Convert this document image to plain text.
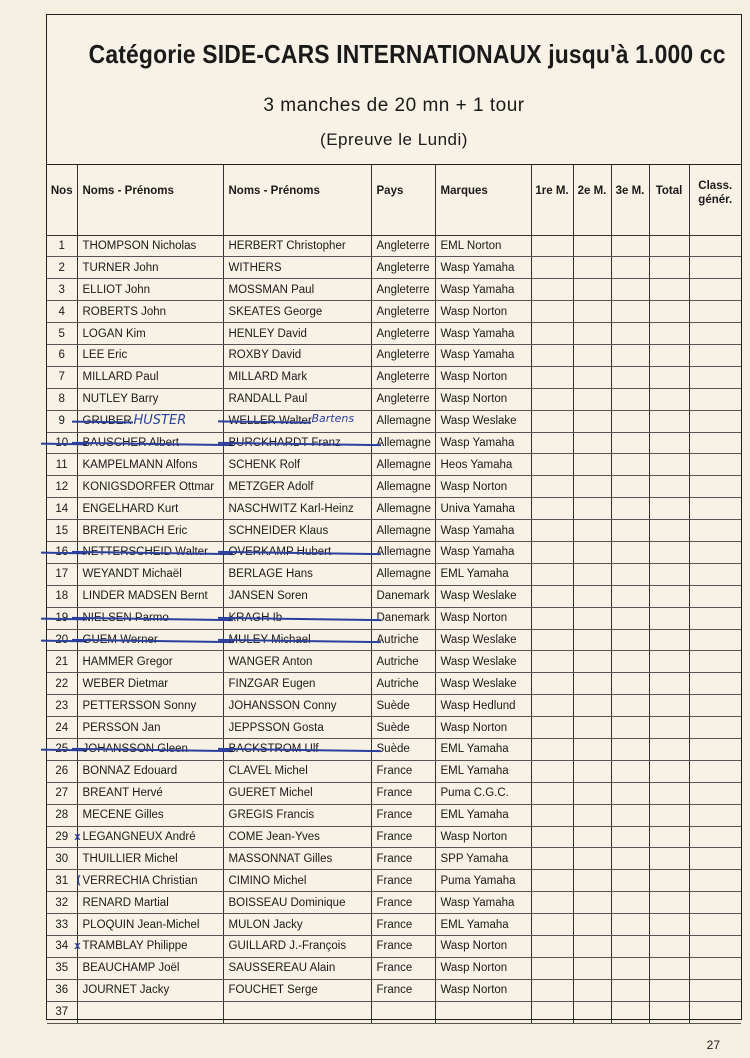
Catégorie SIDE-CARS INTERNATIONAUX jusqu'à 1.000 cc
3 manches de 20 mn + 1 tour
(Epreuve le Lundi)
Nos	Noms - Prénoms	Noms - Prénoms	Pays	Marques	1re M.	2e M.	3e M.	Total	Class. génér.
1	THOMPSON Nicholas	HERBERT Christopher	Angleterre	EML Norton					
2	TURNER John	WITHERS	Angleterre	Wasp Yamaha					
3	ELLIOT John	MOSSMAN Paul	Angleterre	Wasp Yamaha					
4	ROBERTS John	SKEATES George	Angleterre	Wasp Norton					
5	LOGAN Kim	HENLEY David	Angleterre	Wasp Yamaha					
6	LEE Eric	ROXBY David	Angleterre	Wasp Yamaha					
7	MILLARD Paul	MILLARD Mark	Angleterre	Wasp Norton					
8	NUTLEY Barry	RANDALL Paul	Angleterre	Wasp Norton					
9	GRUBER HUSTER	WELLER Walter Bartens	Allemagne	Wasp Weslake					
10	BAUSCHER Albert	BURCKHARDT Franz	Allemagne	Wasp Yamaha					
11	KAMPELMANN Alfons	SCHENK Rolf	Allemagne	Heos Yamaha					
12	KONIGSDORFER Ottmar	METZGER Adolf	Allemagne	Wasp Norton					
14	ENGELHARD Kurt	NASCHWITZ Karl-Heinz	Allemagne	Univa Yamaha					
15	BREITENBACH Eric	SCHNEIDER Klaus	Allemagne	Wasp Yamaha					
16	NETTERSCHEID Walter	OVERKAMP Hubert	Allemagne	Wasp Yamaha					
17	WEYANDT Michaël	BERLAGE Hans	Allemagne	EML Yamaha					
18	LINDER MADSEN Bernt	JANSEN Soren	Danemark	Wasp Weslake					
19	NIELSEN Parmo	KRAGH Ib	Danemark	Wasp Norton					
20	GUEM Werner	MULEY Michael	Autriche	Wasp Weslake					
21	HAMMER Gregor	WANGER Anton	Autriche	Wasp Weslake					
22	WEBER Dietmar	FINZGAR Eugen	Autriche	Wasp Weslake					
23	PETTERSSON Sonny	JOHANSSON Conny	Suède	Wasp Hedlund					
24	PERSSON Jan	JEPPSSON Gosta	Suède	Wasp Norton					
25	JOHANSSON Gleen	BACKSTROM Ulf	Suède	EML Yamaha					
26	BONNAZ Edouard	CLAVEL Michel	France	EML Yamaha					
27	BREANT Hervé	GUERET Michel	France	Puma C.G.C.					
28	MECENE Gilles	GREGIS Francis	France	EML Yamaha					
29 x	LEGANGNEUX André	COME Jean-Yves	France	Wasp Norton					
30	THUILLIER Michel	MASSONNAT Gilles	France	SPP Yamaha					
31 (	VERRECHIA Christian	CIMINO Michel	France	Puma Yamaha					
32	RENARD Martial	BOISSEAU Dominique	France	Wasp Yamaha					
33	PLOQUIN Jean-Michel	MULON Jacky	France	EML Yamaha					
34 x	TRAMBLAY Philippe	GUILLARD J.-François	France	Wasp Norton					
35	BEAUCHAMP Joël	SAUSSEREAU Alain	France	Wasp Norton					
36	JOURNET Jacky	FOUCHET Serge	France	Wasp Norton					
37									
27
